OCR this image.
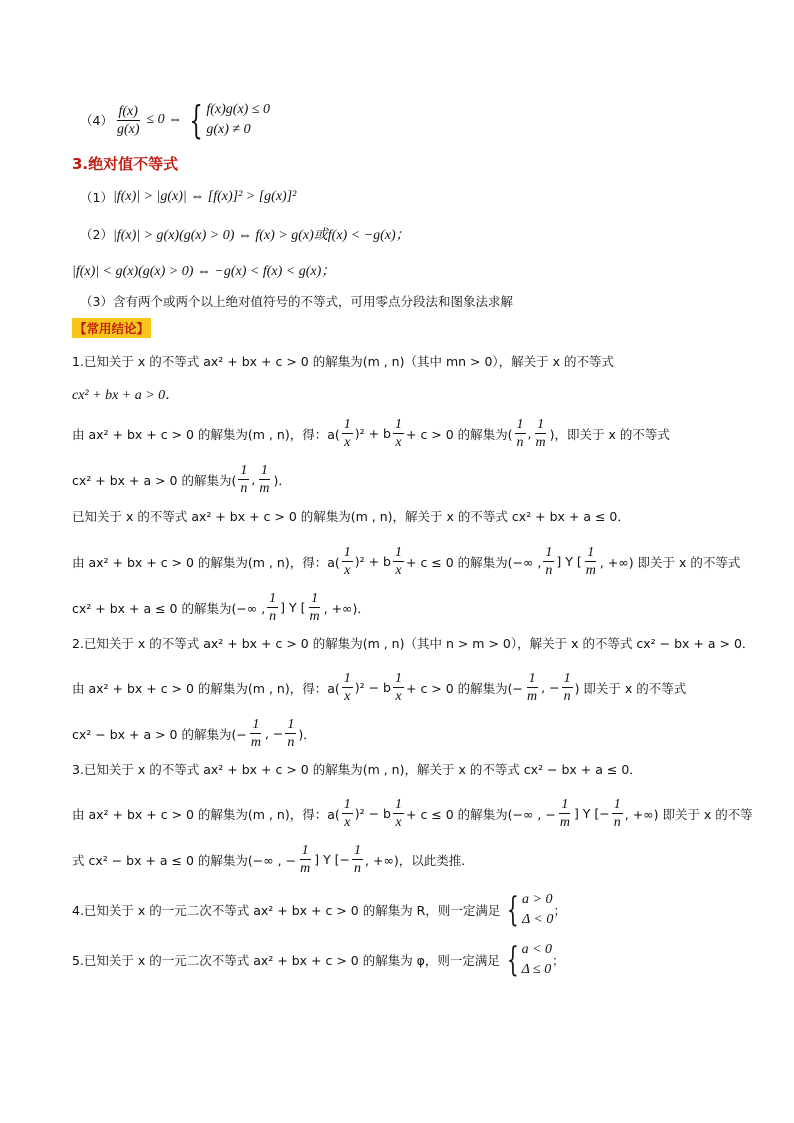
$(4) \frac{f(x)}{g(x)} \le 0$ ⇔ { f(x)g(x) ≤ 0
g(x) ≠ 0
3.绝对值不等式
（1） |f(x)| > |g(x)| ⇔ [f(x)]² > [g(x)]²
（2） |f(x)| > g(x)(g(x) > 0) ⇔ f(x) > g(x)或f(x) < −g(x)；
|f(x)| < g(x)(g(x) > 0) ⇔ −g(x) < f(x) < g(x)；
（3）含有两个或两个以上绝对值符号的不等式，可用零点分段法和图象法求解
【常用结论】
1.已知关于 x 的不等式 ax² + bx + c > 0 的解集为(m , n)（其中 mn > 0），解关于 x 的不等式
cx² + bx + a > 0．
由 ax² + bx + c > 0 的解集为(m , n)，得：$a( \frac{1}{x} )^2 + b \frac{1}{x} + c > 0$ 的解集为( $\frac{1}{n}$ , $\frac{1}{m}$ )，即关于 x 的不等式
cx² + bx + a > 0 的解集为( $\frac{1}{n}$ , $\frac{1}{m}$ )．
已知关于 x 的不等式 ax² + bx + c > 0 的解集为(m , n)，解关于 x 的不等式 cx² + bx + a ≤ 0．
由 ax² + bx + c > 0 的解集为(m , n)，得：$a( \frac{1}{x} )^2 + b \frac{1}{x} + c \le 0$ 的解集为(−∞ , $\frac{1}{n}$ ] Y [ $\frac{1}{m}$ , +∞) 即关于 x 的不等式
cx² + bx + a ≤ 0 的解集为(−∞ , $\frac{1}{n}$ ] Y [ $\frac{1}{m}$ , +∞)．
2.已知关于 x 的不等式 ax² + bx + c > 0 的解集为(m , n)（其中 n > m > 0），解关于 x 的不等式 cx² − bx + a > 0．
由 ax² + bx + c > 0 的解集为(m , n)，得：$a( \frac{1}{x} )^2 - b \frac{1}{x} + c > 0$ 的解集为(− $\frac{1}{m}$ , − $\frac{1}{n}$ ) 即关于 x 的不等式
cx² − bx + a > 0 的解集为(− $\frac{1}{m}$ , − $\frac{1}{n}$ )．
3.已知关于 x 的不等式 ax² + bx + c > 0 的解集为(m , n)，解关于 x 的不等式 cx² − bx + a ≤ 0．
由 ax² + bx + c > 0 的解集为(m , n)，得：$a( \frac{1}{x} )^2 - b \frac{1}{x} + c \le 0$ 的解集为(−∞ , − $\frac{1}{m}$ ] Y [− $\frac{1}{n}$ , +∞) 即关于 x 的不等
式 cx² − bx + a ≤ 0 的解集为(−∞ , − $\frac{1}{m}$ ] Y [− $\frac{1}{n}$ , +∞)，以此类推.
4.已知关于 x 的一元二次不等式 ax² + bx + c > 0 的解集为 R，则一定满足 { a > 0
Δ < 0
；
5.已知关于 x 的一元二次不等式 ax² + bx + c > 0 的解集为 φ，则一定满足 { a < 0
Δ ≤ 0
；
